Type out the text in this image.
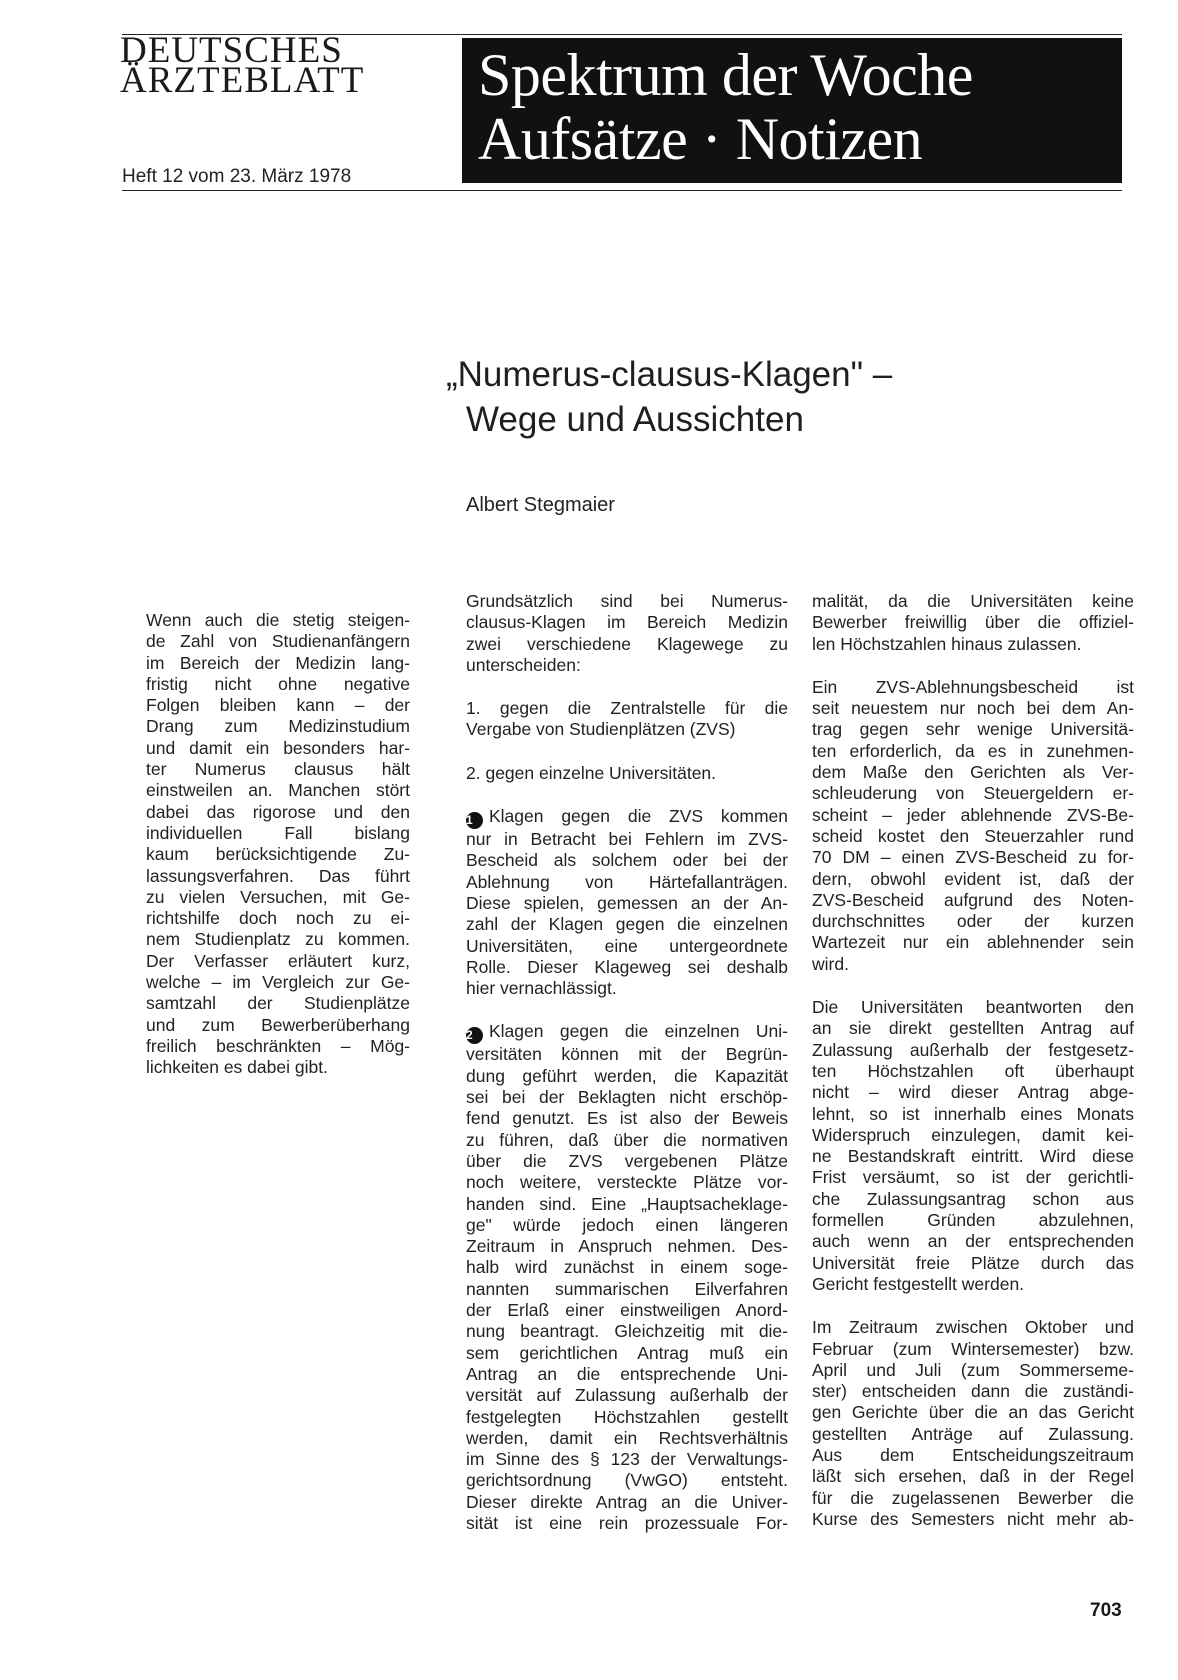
DEUTSCHES
ÄRZTEBLATT
Heft 12 vom 23. März 1978
Spektrum der Woche
Aufsätze · Notizen
„Numerus-clausus-Klagen" –
Wege und Aussichten
Albert Stegmaier

Wenn auch die stetig steigen-
de Zahl von Studienanfängern
im Bereich der Medizin lang-
fristig nicht ohne negative
Folgen bleiben kann – der
Drang zum Medizinstudium
und damit ein besonders har-
ter Numerus clausus hält
einstweilen an. Manchen stört
dabei das rigorose und den
individuellen Fall bislang
kaum berücksichtigende Zu-
lassungsverfahren. Das führt
zu vielen Versuchen, mit Ge-
richtshilfe doch noch zu ei-
nem Studienplatz zu kommen.
Der Verfasser erläutert kurz,
welche – im Vergleich zur Ge-
samtzahl der Studienplätze
und zum Bewerberüberhang
freilich beschränkten – Mög-
lichkeiten es dabei gibt.

Grundsätzlich sind bei Numerus-
clausus-Klagen im Bereich Medizin
zwei verschiedene Klagewege zu
unterscheiden:

1. gegen die Zentralstelle für die
Vergabe von Studienplätzen (ZVS)

2. gegen einzelne Universitäten.

1 Klagen gegen die ZVS kommen
nur in Betracht bei Fehlern im ZVS-
Bescheid als solchem oder bei der
Ablehnung von Härtefallanträgen.
Diese spielen, gemessen an der An-
zahl der Klagen gegen die einzelnen
Universitäten, eine untergeordnete
Rolle. Dieser Klageweg sei deshalb
hier vernachlässigt.

2 Klagen gegen die einzelnen Uni-
versitäten können mit der Begrün-
dung geführt werden, die Kapazität
sei bei der Beklagten nicht erschöp-
fend genutzt. Es ist also der Beweis
zu führen, daß über die normativen
über die ZVS vergebenen Plätze
noch weitere, versteckte Plätze vor-
handen sind. Eine „Hauptsacheklage-
ge" würde jedoch einen längeren
Zeitraum in Anspruch nehmen. Des-
halb wird zunächst in einem soge-
nannten summarischen Eilverfahren
der Erlaß einer einstweiligen Anord-
nung beantragt. Gleichzeitig mit die-
sem gerichtlichen Antrag muß ein
Antrag an die entsprechende Uni-
versität auf Zulassung außerhalb der
festgelegten Höchstzahlen gestellt
werden, damit ein Rechtsverhältnis
im Sinne des § 123 der Verwaltungs-
gerichtsordnung (VwGO) entsteht.
Dieser direkte Antrag an die Univer-
sität ist eine rein prozessuale For-

malität, da die Universitäten keine
Bewerber freiwillig über die offiziel-
len Höchstzahlen hinaus zulassen.

Ein ZVS-Ablehnungsbescheid ist
seit neuestem nur noch bei dem An-
trag gegen sehr wenige Universitä-
ten erforderlich, da es in zunehmen-
dem Maße den Gerichten als Ver-
schleuderung von Steuergeldern er-
scheint – jeder ablehnende ZVS-Be-
scheid kostet den Steuerzahler rund
70 DM – einen ZVS-Bescheid zu for-
dern, obwohl evident ist, daß der
ZVS-Bescheid aufgrund des Noten-
durchschnittes oder der kurzen
Wartezeit nur ein ablehnender sein
wird.

Die Universitäten beantworten den
an sie direkt gestellten Antrag auf
Zulassung außerhalb der festgesetz-
ten Höchstzahlen oft überhaupt
nicht – wird dieser Antrag abge-
lehnt, so ist innerhalb eines Monats
Widerspruch einzulegen, damit kei-
ne Bestandskraft eintritt. Wird diese
Frist versäumt, so ist der gerichtli-
che Zulassungsantrag schon aus
formellen Gründen abzulehnen,
auch wenn an der entsprechenden
Universität freie Plätze durch das
Gericht festgestellt werden.

Im Zeitraum zwischen Oktober und
Februar (zum Wintersemester) bzw.
April und Juli (zum Sommerseme-
ster) entscheiden dann die zuständi-
gen Gerichte über die an das Gericht
gestellten Anträge auf Zulassung.
Aus dem Entscheidungszeitraum
läßt sich ersehen, daß in der Regel
für die zugelassenen Bewerber die
Kurse des Semesters nicht mehr ab-

703
